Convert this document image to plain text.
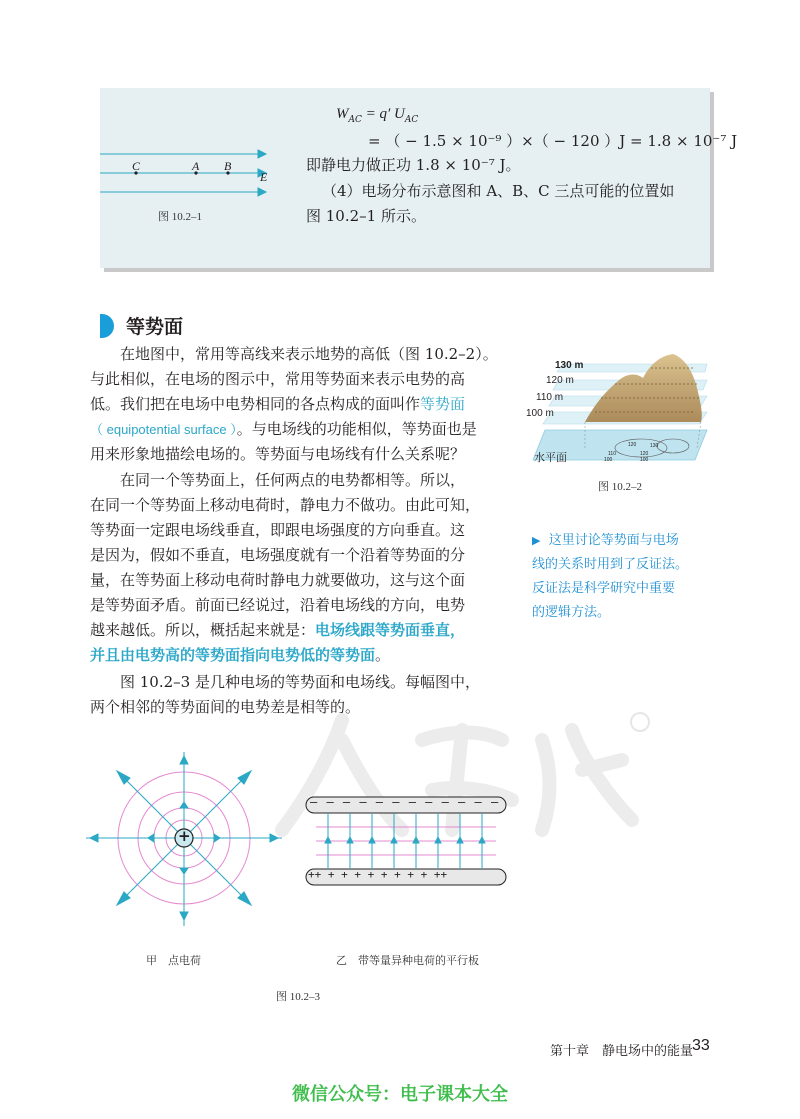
C	A B
E
图 10.2–1
$W_{AC} = q'$ $U_{AC}$
= （ − 1.5 × 10⁻⁹ ）×（ − 120 ）J = 1.8 × 10⁻⁷ J
即静电力做正功 1.8 × 10⁻⁷ J。
（4）电场分布示意图和 A、B、C 三点可能的位置如
图 10.2–1 所示。
等势面
在地图中，常用等高线来表示地势的高低（图 10.2–2）。
与此相似，在电场的图示中，常用等势面来表示电势的高
低。我们把在电场中电势相同的各点构成的面叫作等势面
（ equipotential surface ）。与电场线的功能相似，等势面也是
用来形象地描绘电场的。等势面与电场线有什么关系呢？
在同一个等势面上，任何两点的电势都相等。所以，
在同一个等势面上移动电荷时，静电力不做功。由此可知，
等势面一定跟电场线垂直，即跟电场强度的方向垂直。这
是因为，假如不垂直，电场强度就有一个沿着等势面的分
量，在等势面上移动电荷时静电力就要做功，这与这个面
是等势面矛盾。前面已经说过，沿着电场线的方向，电势
越来越低。所以，概括起来就是：电场线跟等势面垂直，
并且由电势高的等势面指向电势低的等势面。
图 10.2–3 是几种电场的等势面和电场线。每幅图中，
两个相邻的等势面间的电势差是相等的。
130 m
120 m
110 m
100 m
水平面
120
110
100
130
120
100
图 10.2–2
▶ 这里讨论等势面与电场
线的关系时用到了反证法。
反证法是科学研究中重要
的逻辑方法。
+
– – – – – – – – – – – –
++ + + + + + + + + ++
甲　点电荷	乙　带等量异种电荷的平行板
图 10.2–3
第十章　静电场中的能量
33
微信公众号：电子课本大全
